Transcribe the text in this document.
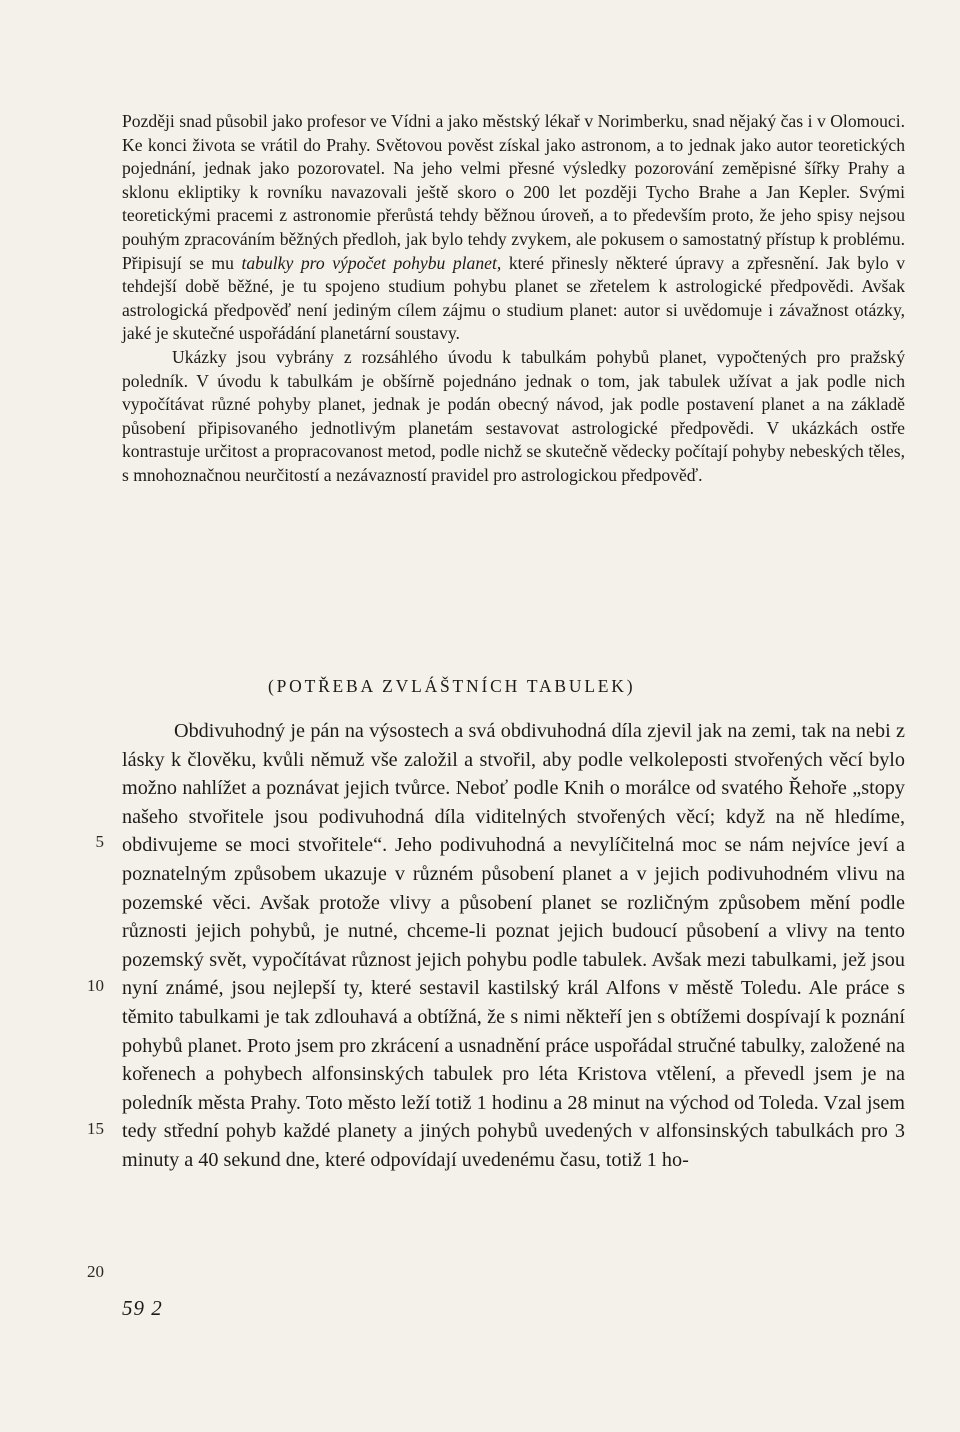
Později snad působil jako profesor ve Vídni a jako městský lékař v Norimberku, snad nějaký čas i v Olomouci. Ke konci života se vrátil do Prahy. Světovou pověst získal jako astronom, a to jednak jako autor teoretických pojednání, jednak jako pozorovatel. Na jeho velmi přesné výsledky pozorování zeměpisné šířky Prahy a sklonu ekliptiky k rovníku navazovali ještě skoro o 200 let později Tycho Brahe a Jan Kepler. Svými teoretickými pracemi z astronomie přerůstá tehdy běžnou úroveň, a to především proto, že jeho spisy nejsou pouhým zpracováním běžných předloh, jak bylo tehdy zvykem, ale pokusem o samostatný přístup k problému. Připisují se mu tabulky pro výpočet pohybu planet, které přinesly některé úpravy a zpřesnění. Jak bylo v tehdejší době běžné, je tu spojeno studium pohybu planet se zřetelem k astrologické předpovědi. Avšak astrologická předpověď není jediným cílem zájmu o studium planet: autor si uvědomuje i závažnost otázky, jaké je skutečné uspořádání planetární soustavy.

Ukázky jsou vybrány z rozsáhlého úvodu k tabulkám pohybů planet, vypočtených pro pražský poledník. V úvodu k tabulkám je obšírně pojednáno jednak o tom, jak tabulek užívat a jak podle nich vypočítávat různé pohyby planet, jednak je podán obecný návod, jak podle postavení planet a na základě působení připisovaného jednotlivým planetám sestavovat astrologické předpovědi. V ukázkách ostře kontrastuje určitost a propracovanost metod, podle nichž se skutečně vědecky počítají pohyby nebeských těles, s mnohoznačnou neurčitostí a nezávazností pravidel pro astrologickou předpověď.

(POTŘEBA ZVLÁŠTNÍCH TABULEK)

Obdivuhodný je pán na výsostech a svá obdivuhodná díla zjevil jak na zemi, tak na nebi z lásky k člověku, kvůli němuž vše založil a stvořil, aby podle velkoleposti stvořených věcí bylo možno nahlížet a poznávat jejich tvůrce. Neboť podle Knih o morálce od svatého Řehoře „stopy našeho stvořitele jsou podivuhodná díla viditelných stvořených věcí; když na ně hledíme, obdivujeme se moci stvořitele“. Jeho podivuhodná a nevylíčitelná moc se nám nejvíce jeví a poznatelným způsobem ukazuje v různém působení planet a v jejich podivuhodném vlivu na pozemské věci. Avšak protože vlivy a působení planet se rozličným způsobem mění podle různosti jejich pohybů, je nutné, chceme-li poznat jejich budoucí působení a vlivy na tento pozemský svět, vypočítávat různost jejich pohybu podle tabulek. Avšak mezi tabulkami, jež jsou nyní známé, jsou nejlepší ty, které sestavil kastilský král Alfons v městě Toledu. Ale práce s těmito tabulkami je tak zdlouhavá a obtížná, že s nimi někteří jen s obtížemi dospívají k poznání pohybů planet. Proto jsem pro zkrácení a usnadnění práce uspořádal stručné tabulky, založené na kořenech a pohybech alfonsinských tabulek pro léta Kristova vtělení, a převedl jsem je na poledník města Prahy. Toto město leží totiž 1 hodinu a 28 minut na východ od Toleda. Vzal jsem tedy střední pohyb každé planety a jiných pohybů uvedených v alfonsinských tabulkách pro 3 minuty a 40 sekund dne, které odpovídají uvedenému času, totiž 1 ho-

5
10
15
20
59 2
